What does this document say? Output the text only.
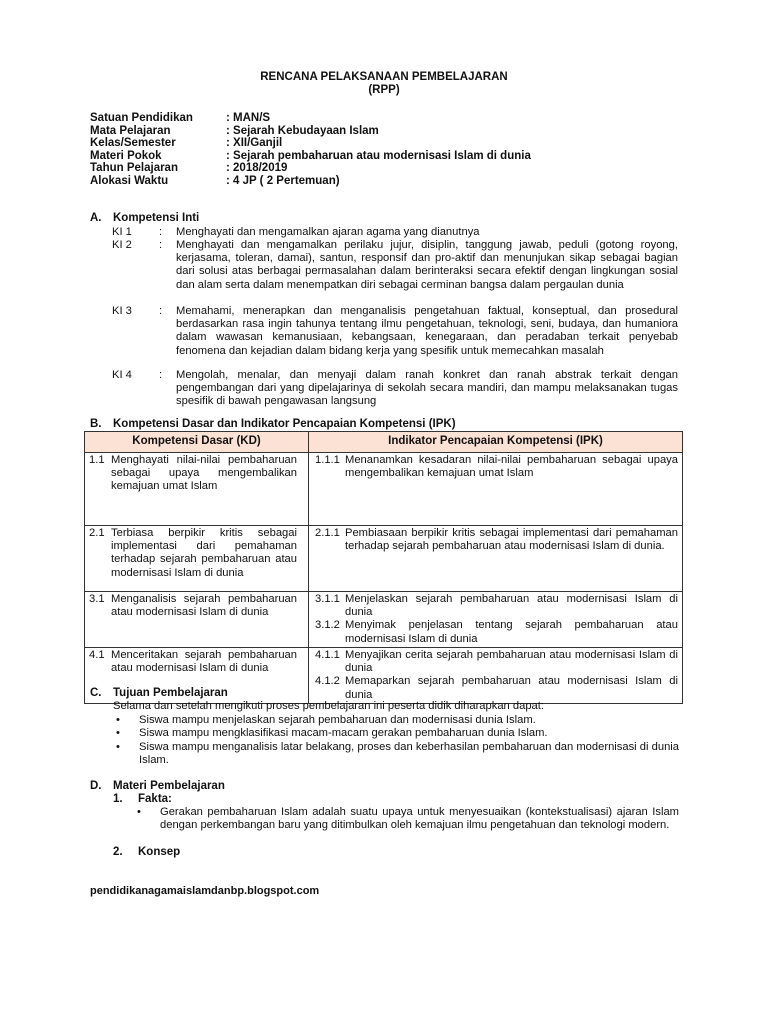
RENCANA PELAKSANAAN PEMBELAJARAN
(RPP)
Satuan Pendidikan	: MAN/S
Mata Pelajaran	: Sejarah Kebudayaan Islam
Kelas/Semester	: XII/Ganjil
Materi Pokok	: Sejarah pembaharuan atau modernisasi Islam di dunia
Tahun Pelajaran	: 2018/2019
Alokasi Waktu	: 4 JP ( 2 Pertemuan)
A. Kompetensi Inti
KI 1	:	Menghayati dan mengamalkan ajaran agama yang dianutnya
KI 2	:	Menghayati dan mengamalkan perilaku jujur, disiplin, tanggung jawab, peduli (gotong royong, kerjasama, toleran, damai), santun, responsif dan pro-aktif dan menunjukan sikap sebagai bagian dari solusi atas berbagai permasalahan dalam berinteraksi secara efektif dengan lingkungan sosial dan alam serta dalam menempatkan diri sebagai cerminan bangsa dalam pergaulan dunia
KI 3	:	Memahami, menerapkan dan menganalisis pengetahuan faktual, konseptual, dan prosedural berdasarkan rasa ingin tahunya tentang ilmu pengetahuan, teknologi, seni, budaya, dan humaniora dalam wawasan kemanusiaan, kebangsaan, kenegaraan, dan peradaban terkait penyebab fenomena dan kejadian dalam bidang kerja yang spesifik untuk memecahkan masalah
KI 4	:	Mengolah, menalar, dan menyaji dalam ranah konkret dan ranah abstrak terkait dengan pengembangan dari yang dipelajarinya di sekolah secara mandiri, dan mampu melaksanakan tugas spesifik di bawah pengawasan langsung
B. Kompetensi Dasar dan Indikator Pencapaian Kompetensi (IPK)
Kompetensi Dasar (KD)	Indikator Pencapaian Kompetensi (IPK)
1.1 Menghayati nilai-nilai pembaharuan sebagai upaya mengembalikan kemajuan umat Islam	1.1.1 Menanamkan kesadaran nilai-nilai pembaharuan sebagai upaya mengembalikan kemajuan umat Islam

2.1 Terbiasa berpikir kritis sebagai implementasi dari pemahaman terhadap sejarah pembaharuan atau modernisasi Islam di dunia	2.1.1 Pembiasaan berpikir kritis sebagai implementasi dari pemahaman terhadap sejarah pembaharuan atau modernisasi Islam di dunia.

3.1 Menganalisis sejarah pembaharuan atau modernisasi Islam di dunia	3.1.1 Menjelaskan sejarah pembaharuan atau modernisasi Islam di dunia
3.1.2 Menyimak penjelasan tentang sejarah pembaharuan atau modernisasi Islam di dunia

4.1 Menceritakan sejarah pembaharuan atau modernisasi Islam di dunia	4.1.1 Menyajikan cerita sejarah pembaharuan atau modernisasi Islam di dunia
4.1.2 Memaparkan sejarah pembaharuan atau modernisasi Islam di dunia
C. Tujuan Pembelajaran
Selama dan setelah mengikuti proses pembelajaran ini peserta didik diharapkan dapat:
•	Siswa mampu menjelaskan sejarah pembaharuan dan modernisasi dunia Islam.
•	Siswa mampu mengklasifikasi macam-macam gerakan pembaharuan dunia Islam.
•	Siswa mampu menganalisis latar belakang, proses dan keberhasilan pembaharuan dan modernisasi di dunia Islam.
D. Materi Pembelajaran
1. Fakta:
•	Gerakan pembaharuan Islam adalah suatu upaya untuk menyesuaikan (kontekstualisasi) ajaran Islam dengan perkembangan baru yang ditimbulkan oleh kemajuan ilmu pengetahuan dan teknologi modern.
2. Konsep
pendidikanagamaislamdanbp.blogspot.com
